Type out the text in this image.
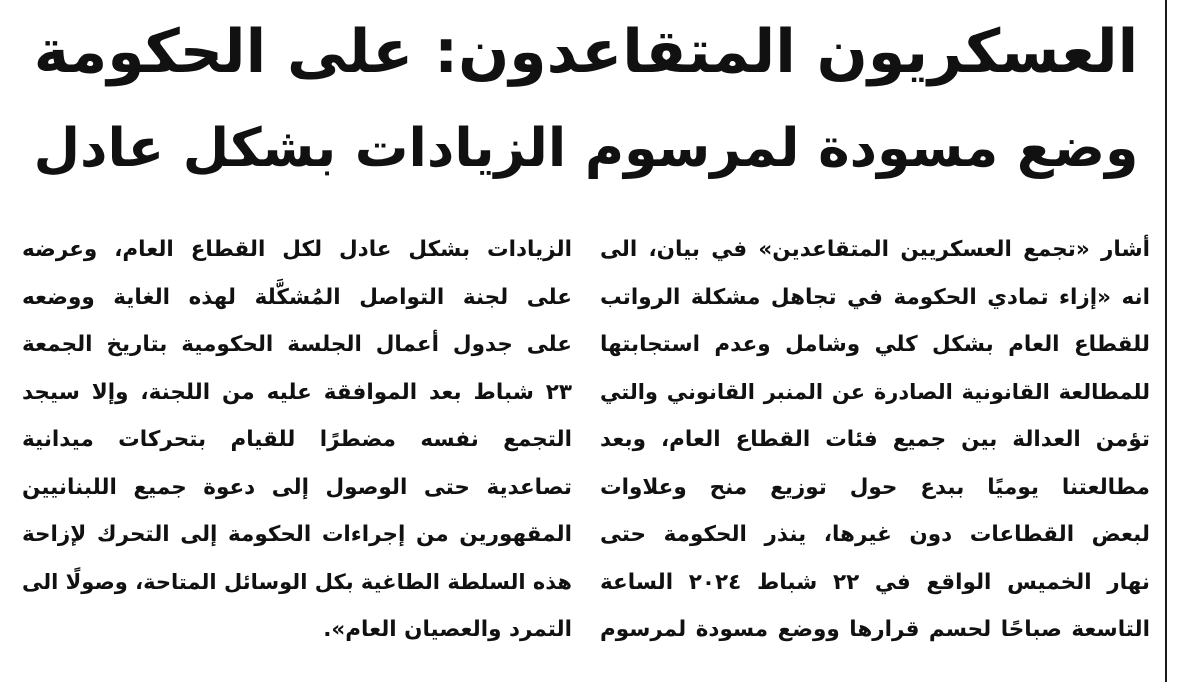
العسكريون المتقاعدون: على الحكومة
وضع مسودة لمرسوم الزيادات بشكل عادل
أشار «تجمع العسكريين المتقاعدين» في بيان، الى
انه «إزاء تمادي الحكومة في تجاهل مشكلة الرواتب
للقطاع العام بشكل كلي وشامل وعدم استجابتها
للمطالعة القانونية الصادرة عن المنبر القانوني والتي
تؤمن العدالة بين جميع فئات القطاع العام، وبعد
مطالعتنا يوميًا ببدع حول توزيع منح وعلاوات
لبعض القطاعات دون غيرها، ينذر الحكومة حتى
نهار الخميس الواقع في ٢٢ شباط ٢٠٢٤ الساعة
التاسعة صباحًا لحسم قرارها ووضع مسودة لمرسوم
الزيادات بشكل عادل لكل القطاع العام، وعرضه
على لجنة التواصل المُشكَّلة لهذه الغاية ووضعه
على جدول أعمال الجلسة الحكومية بتاريخ الجمعة
٢٣ شباط بعد الموافقة عليه من اللجنة، وإلا سيجد
التجمع نفسه مضطرًا للقيام بتحركات ميدانية
تصاعدية حتى الوصول إلى دعوة جميع اللبنانيين
المقهورين من إجراءات الحكومة إلى التحرك لإزاحة
هذه السلطة الطاغية بكل الوسائل المتاحة، وصولًا الى
التمرد والعصيان العام».
